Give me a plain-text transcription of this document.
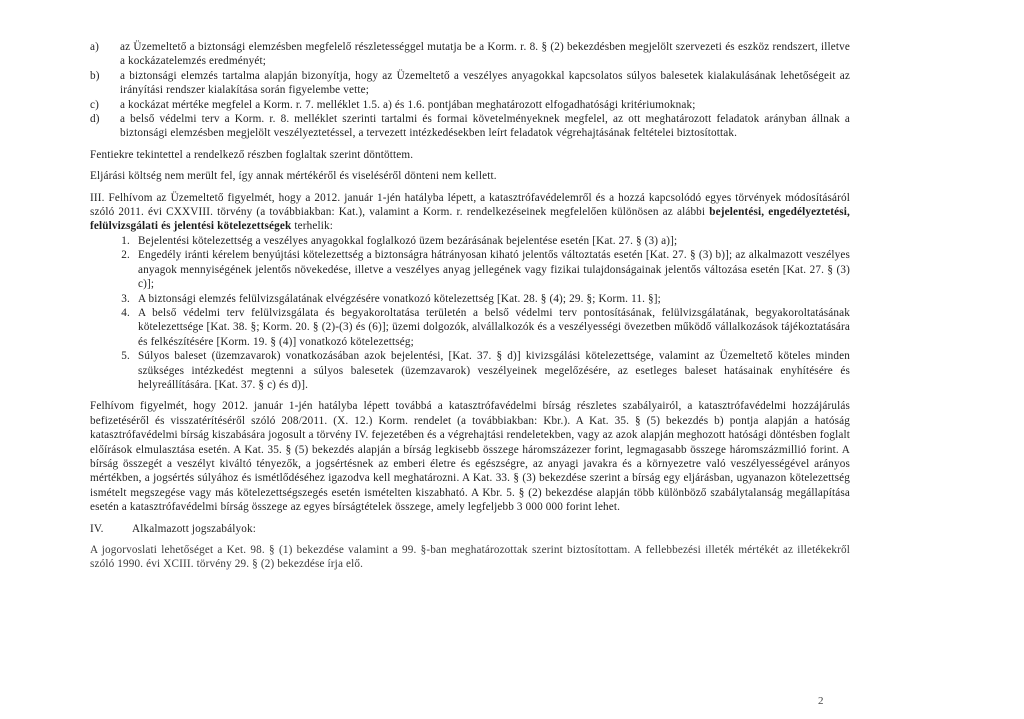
a)	az Üzemeltető a biztonsági elemzésben megfelelő részletességgel mutatja be a Korm. r. 8. § (2) bekezdésben megjelölt szervezeti és eszköz rendszert, illetve a kockázatelemzés eredményét;
b)	a biztonsági elemzés tartalma alapján bizonyítja, hogy az Üzemeltető a veszélyes anyagokkal kapcsolatos súlyos balesetek kialakulásának lehetőségeit az irányítási rendszer kialakítása során figyelembe vette;
c)	a kockázat mértéke megfelel a Korm. r. 7. melléklet 1.5. a) és 1.6. pontjában meghatározott elfogadhatósági kritériumoknak;
d)	a belső védelmi terv a Korm. r. 8. melléklet szerinti tartalmi és formai követelményeknek megfelel, az ott meghatározott feladatok arányban állnak a biztonsági elemzésben megjelölt veszélyeztetéssel, a tervezett intézkedésekben leírt feladatok végrehajtásának feltételei biztosítottak.
Fentiekre tekintettel a rendelkező részben foglaltak szerint döntöttem.
Eljárási költség nem merült fel, így annak mértékéről és viseléséről dönteni nem kellett.
III. Felhívom az Üzemeltető figyelmét, hogy a 2012. január 1-jén hatályba lépett, a katasztrófavédelemről és a hozzá kapcsolódó egyes törvények módosításáról szóló 2011. évi CXXVIII. törvény (a továbbiakban: Kat.), valamint a Korm. r. rendelkezéseinek megfelelően különösen az alábbi bejelentési, engedélyeztetési, felülvizsgálati és jelentési kötelezettségek terhelik:
1. Bejelentési kötelezettség a veszélyes anyagokkal foglalkozó üzem bezárásának bejelentése esetén [Kat. 27. § (3) a)];
2. Engedély iránti kérelem benyújtási kötelezettség a biztonságra hátrányosan kiható jelentős változtatás esetén [Kat. 27. § (3) b)]; az alkalmazott veszélyes anyagok mennyiségének jelentős növekedése, illetve a veszélyes anyag jellegének vagy fizikai tulajdonságainak jelentős változása esetén [Kat. 27. § (3) c)];
3. A biztonsági elemzés felülvizsgálatának elvégzésére vonatkozó kötelezettség [Kat. 28. § (4); 29. §; Korm. 11. §];
4. A belső védelmi terv felülvizsgálata és begyakoroltatása területén a belső védelmi terv pontosításának, felülvizsgálatának, begyakoroltatásának kötelezettsége [Kat. 38. §; Korm. 20. § (2)-(3) és (6)]; üzemi dolgozók, alvállalkozók és a veszélyességi övezetben működő vállalkozások tájékoztatására és felkészítésére [Korm. 19. § (4)] vonatkozó kötelezettség;
5. Súlyos baleset (üzemzavarok) vonatkozásában azok bejelentési, [Kat. 37. § d)] kivizsgálási kötelezettsége, valamint az Üzemeltető köteles minden szükséges intézkedést megtenni a súlyos balesetek (üzemzavarok) veszélyeinek megelőzésére, az esetleges baleset hatásainak enyhítésére és helyreállítására. [Kat. 37. § c) és d)].
Felhívom figyelmét, hogy 2012. január 1-jén hatályba lépett továbbá a katasztrófavédelmi bírság részletes szabályairól, a katasztrófavédelmi hozzájárulás befizetéséről és visszatérítéséről szóló 208/2011. (X. 12.) Korm. rendelet (a továbbiakban: Kbr.). A Kat. 35. § (5) bekezdés b) pontja alapján a hatóság katasztrófavédelmi bírság kiszabására jogosult a törvény IV. fejezetében és a végrehajtási rendeletekben, vagy az azok alapján meghozott hatósági döntésben foglalt előírások elmulasztása esetén. A Kat. 35. § (5) bekezdés alapján a bírság legkisebb összege háromszázezer forint, legmagasabb összege háromszázmillió forint. A bírság összegét a veszélyt kiváltó tényezők, a jogsértésnek az emberi életre és egészségre, az anyagi javakra és a környezetre való veszélyességével arányos mértékben, a jogsértés súlyához és ismétlődéséhez igazodva kell meghatározni. A Kat. 33. § (3) bekezdése szerint a bírság egy eljárásban, ugyanazon kötelezettség ismételt megszegése vagy más kötelezettségszegés esetén ismételten kiszabható. A Kbr. 5. § (2) bekezdése alapján több különböző szabálytalanság megállapítása esetén a katasztrófavédelmi bírság összege az egyes bírságtételek összege, amely legfeljebb 3 000 000 forint lehet.
IV.	Alkalmazott jogszabályok:
A jogorvoslati lehetőséget a Ket. 98. § (1) bekezdése valamint a 99. §-ban meghatározottak szerint biztosítottam. A fellebbezési illeték mértékét az illetékekről szóló 1990. évi XCIII. törvény 29. § (2) bekezdése írja elő.
2
